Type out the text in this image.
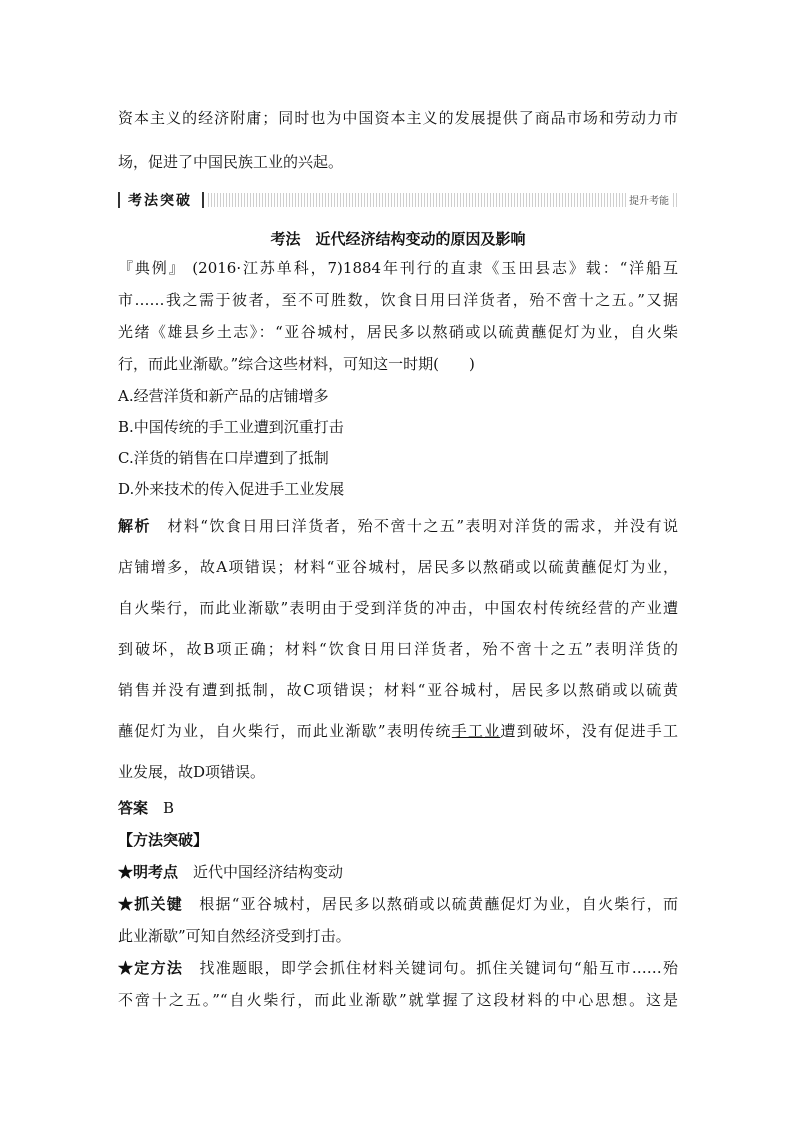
资本主义的经济附庸；同时也为中国资本主义的发展提供了商品市场和劳动力市
场，促进了中国民族工业的兴起。
考法突破	提升考能
考法　近代经济结构变动的原因及影响
『典例』 (2016·江苏单科，7)1884年刊行的直隶《玉田县志》载：“洋船互
市……我之需于彼者，至不可胜数，饮食日用曰洋货者，殆不啻十之五。”又据
光绪《雄县乡土志》：“亚谷城村，居民多以熬硝或以硫黄蘸促灯为业，自火柴
行，而此业渐歇。”综合这些材料，可知这一时期(　　)
A.经营洋货和新产品的店铺增多
B.中国传统的手工业遭到沉重打击
C.洋货的销售在口岸遭到了抵制
D.外来技术的传入促进手工业发展
解析　 材料“饮食日用曰洋货者，殆不啻十之五”表明对洋货的需求，并没有说
店铺增多，故A项错误；材料“亚谷城村，居民多以熬硝或以硫黄蘸促灯为业，
自火柴行，而此业渐歇”表明由于受到洋货的冲击，中国农村传统经营的产业遭
到破坏，故B项正确；材料“饮食日用曰洋货者，殆不啻十之五”表明洋货的
销售并没有遭到抵制，故C项错误；材料“亚谷城村，居民多以熬硝或以硫黄
蘸促灯为业，自火柴行，而此业渐歇”表明传统手工业遭到破坏，没有促进手工
业发展，故D项错误。
答案　 B
【方法突破】
★明考点　 近代中国经济结构变动
★抓关键　 根据“亚谷城村，居民多以熬硝或以硫黄蘸促灯为业，自火柴行，而
此业渐歇”可知自然经济受到打击。
★定方法　 找准题眼，即学会抓住材料关键词句。抓住关键词句“船互市……殆
不啻十之五。”“自火柴行，而此业渐歇”就掌握了这段材料的中心思想。这是
